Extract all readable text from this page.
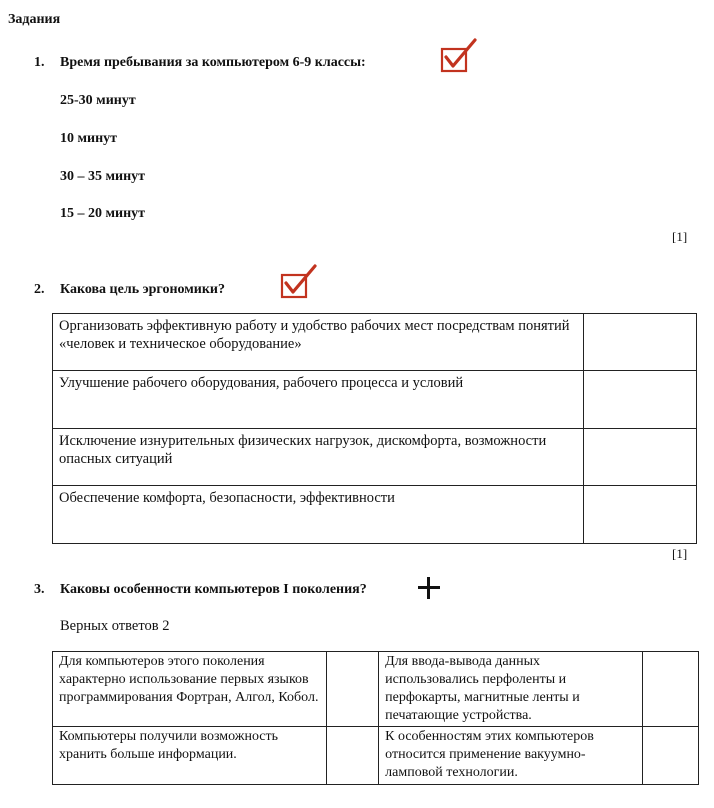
Задания
1. Время пребывания за компьютером 6-9 классы:
25-30 минут
10 минут
30 – 35 минут
15 – 20 минут
[1]
2. Какова цель эргономики?
Организовать эффективную работу и удобство рабочих мест посредствам понятий «человек и техническое оборудование»	
Улучшение рабочего оборудования, рабочего процесса и условий	
Исключение изнурительных физических нагрузок, дискомфорта, возможности опасных ситуаций	
Обеспечение комфорта, безопасности, эффективности	
[1]
3. Каковы особенности компьютеров I поколения?
Верных ответов 2
Для компьютеров этого поколения характерно использование первых языков программирования Фортран, Алгол, Кобол.		Для ввода-вывода данных использовались перфоленты и перфокарты, магнитные ленты и печатающие устройства.	
Компьютеры получили возможность хранить больше информации.		К особенностям этих компьютеров относится применение вакуумно-ламповой технологии.	
